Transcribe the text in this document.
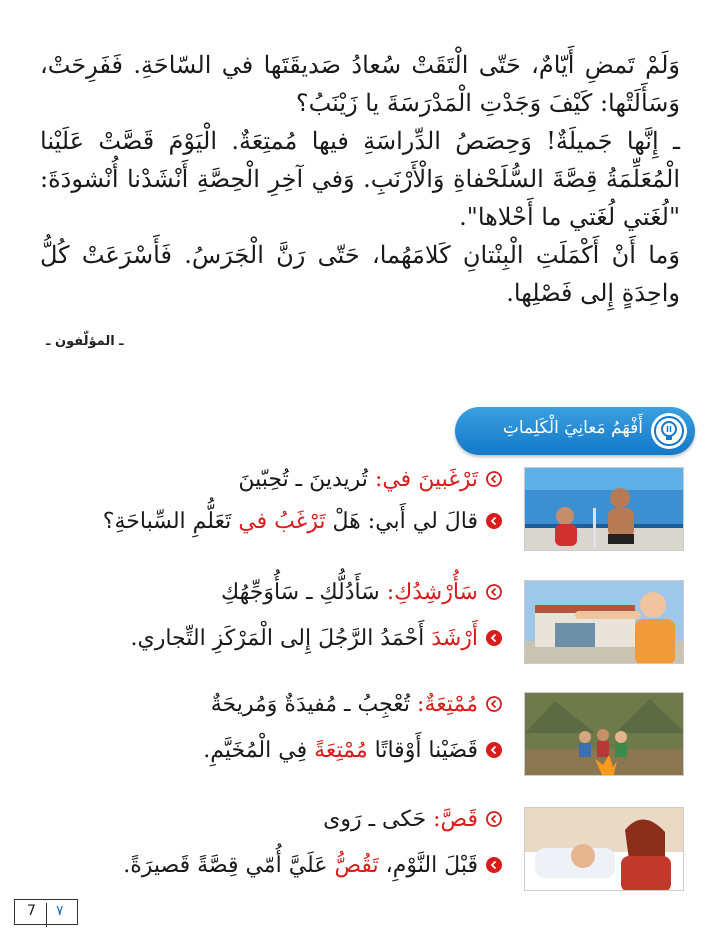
وَلَمْ تَمضِ أَيّامٌ، حَتّى الْتَقَتْ سُعادُ صَديقَتَها في السّاحَةِ. فَفَرِحَتْ، وَسَأَلَتْها: كَيْفَ وَجَدْتِ الْمَدْرَسَةَ يا زَيْنَبُ؟

ـ إِنَّها جَميلَةٌ! وَحِصَصُ الدِّراسَةِ فيها مُمتِعَةٌ. الْيَوْمَ قَصَّتْ عَلَيْنا الْمُعَلِّمَةُ قِصَّةَ السُّلَحْفاةِ وَالْأَرْنَبِ. وَفي آخِرِ الْحِصَّةِ أَنْشَدْنا أُنْشودَةَ: "لُغَتي لُغَتي ما أَحْلاها".

وَما أَنْ أَكْمَلَتِ الْبِنْتانِ كَلامَهُما، حَتّى رَنَّ الْجَرَسُ. فَأَسْرَعَتْ كُلُّ واحِدَةٍ إِلى فَصْلِها.

ـ المؤلّفون ـ
أَفْهَمُ مَعانِيَ الْكَلِماتِ
تَرْغَبينَ في: تُريدينَ ـ تُحِبّينَ
قالَ لي أَبي: هَلْ تَرْغَبُ في تَعَلُّمِ السِّباحَةِ؟
سَأُرْشِدُكِ: سَأَدُلُّكِ ـ سَأُوَجِّهُكِ
أَرْشَدَ أَحْمَدُ الرَّجُلَ إِلى الْمَرْكَزِ التِّجاري.
مُمْتِعَةٌ: تُعْجِبُ ـ مُفيدَةٌ وَمُريحَةٌ
قَضَيْنا أَوْقاتًا مُمْتِعَةً فِي الْمُخَيَّمِ.
قَصَّ: حَكى ـ رَوى
قَبْلَ النَّوْمِ، تَقُصُّ عَلَيَّ أُمّي قِصَّةً قَصيرَةً.
7 ٧
